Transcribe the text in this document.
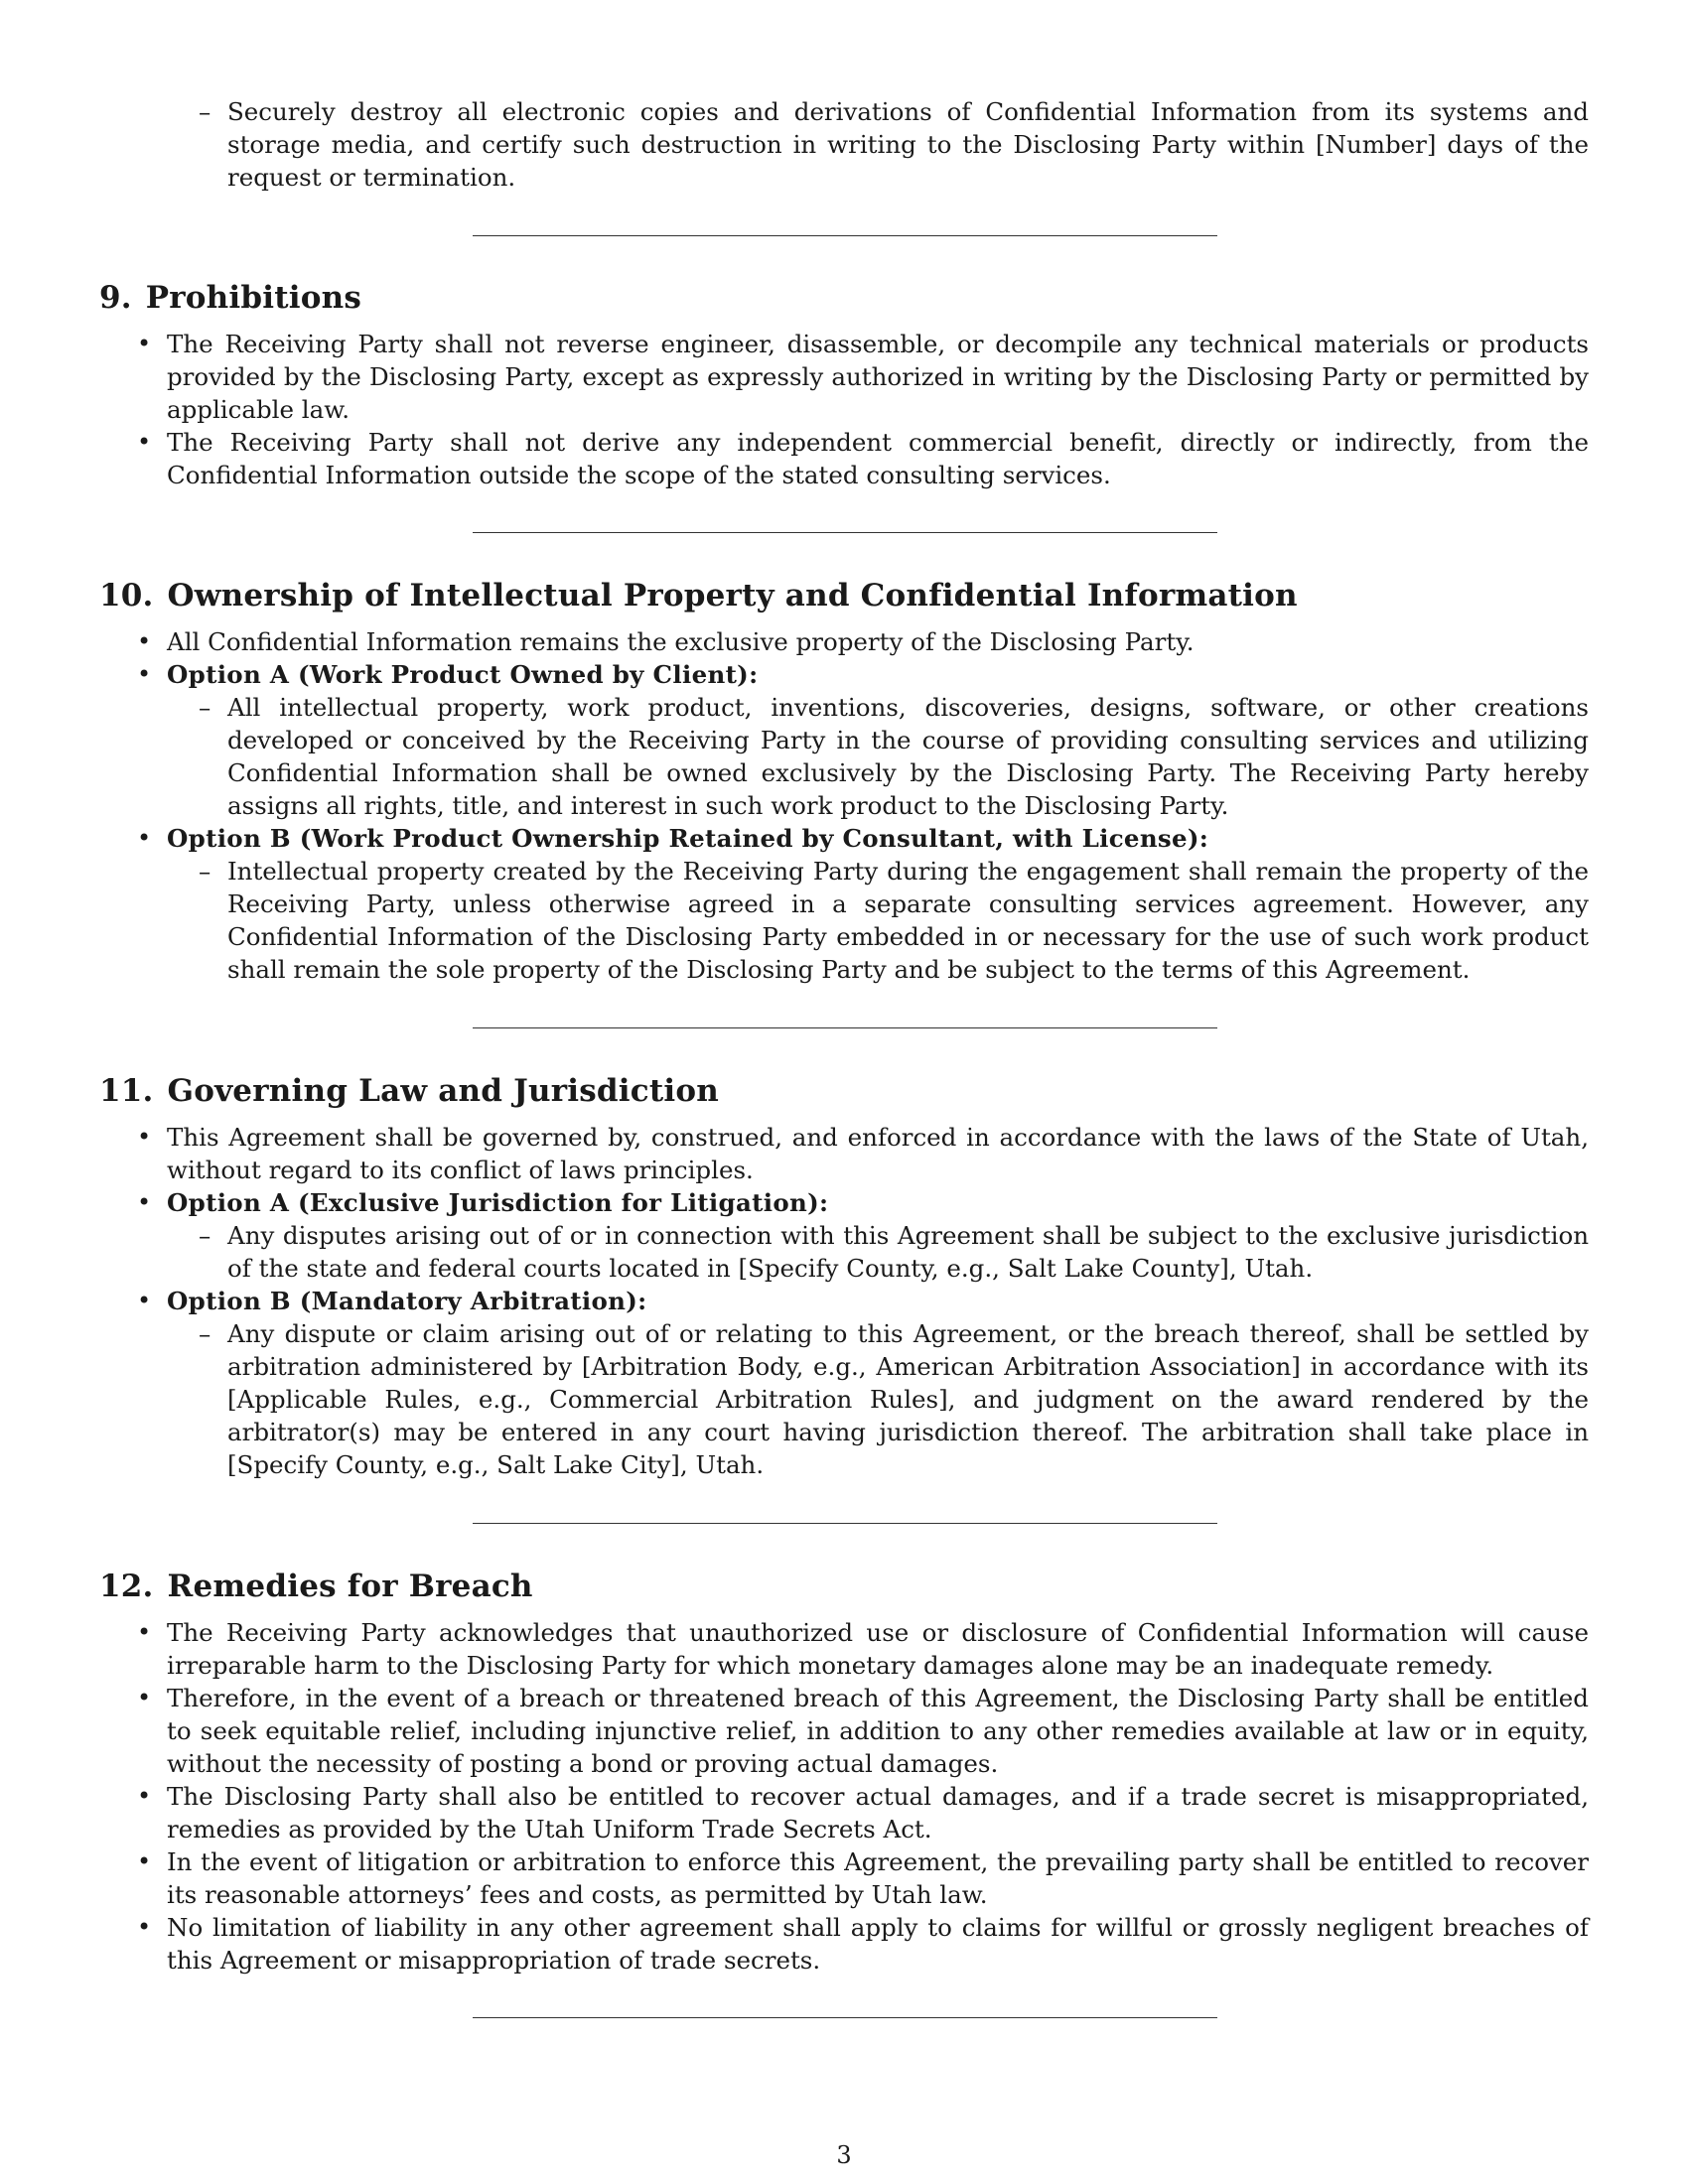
– Securely destroy all electronic copies and derivations of Confidential Information from its systems and storage media, and certify such destruction in writing to the Disclosing Party within [Number] days of the request or termination.
9. Prohibitions
• The Receiving Party shall not reverse engineer, disassemble, or decompile any technical materials or products provided by the Disclosing Party, except as expressly authorized in writing by the Disclosing Party or permitted by applicable law.
• The Receiving Party shall not derive any independent commercial benefit, directly or indirectly, from the Confidential Information outside the scope of the stated consulting services.
10. Ownership of Intellectual Property and Confidential Information
• All Confidential Information remains the exclusive property of the Disclosing Party.
• Option A (Work Product Owned by Client):
– All intellectual property, work product, inventions, discoveries, designs, software, or other creations developed or conceived by the Receiving Party in the course of providing consulting services and utilizing Confidential Information shall be owned exclusively by the Disclosing Party. The Receiving Party hereby assigns all rights, title, and interest in such work product to the Disclosing Party.
• Option B (Work Product Ownership Retained by Consultant, with License):
– Intellectual property created by the Receiving Party during the engagement shall remain the property of the Receiving Party, unless otherwise agreed in a separate consulting services agreement. However, any Confidential Information of the Disclosing Party embedded in or necessary for the use of such work product shall remain the sole property of the Disclosing Party and be subject to the terms of this Agreement.
11. Governing Law and Jurisdiction
• This Agreement shall be governed by, construed, and enforced in accordance with the laws of the State of Utah, without regard to its conflict of laws principles.
• Option A (Exclusive Jurisdiction for Litigation):
– Any disputes arising out of or in connection with this Agreement shall be subject to the exclusive jurisdiction of the state and federal courts located in [Specify County, e.g., Salt Lake County], Utah.
• Option B (Mandatory Arbitration):
– Any dispute or claim arising out of or relating to this Agreement, or the breach thereof, shall be settled by arbitration administered by [Arbitration Body, e.g., American Arbitration Association] in accordance with its [Applicable Rules, e.g., Commercial Arbitration Rules], and judgment on the award rendered by the arbitrator(s) may be entered in any court having jurisdiction thereof. The arbitration shall take place in [Specify County, e.g., Salt Lake City], Utah.
12. Remedies for Breach
• The Receiving Party acknowledges that unauthorized use or disclosure of Confidential Information will cause irreparable harm to the Disclosing Party for which monetary damages alone may be an inadequate remedy.
• Therefore, in the event of a breach or threatened breach of this Agreement, the Disclosing Party shall be entitled to seek equitable relief, including injunctive relief, in addition to any other remedies available at law or in equity, without the necessity of posting a bond or proving actual damages.
• The Disclosing Party shall also be entitled to recover actual damages, and if a trade secret is misappropriated, remedies as provided by the Utah Uniform Trade Secrets Act.
• In the event of litigation or arbitration to enforce this Agreement, the prevailing party shall be entitled to recover its reasonable attorneys’ fees and costs, as permitted by Utah law.
• No limitation of liability in any other agreement shall apply to claims for willful or grossly negligent breaches of this Agreement or misappropriation of trade secrets.
3
